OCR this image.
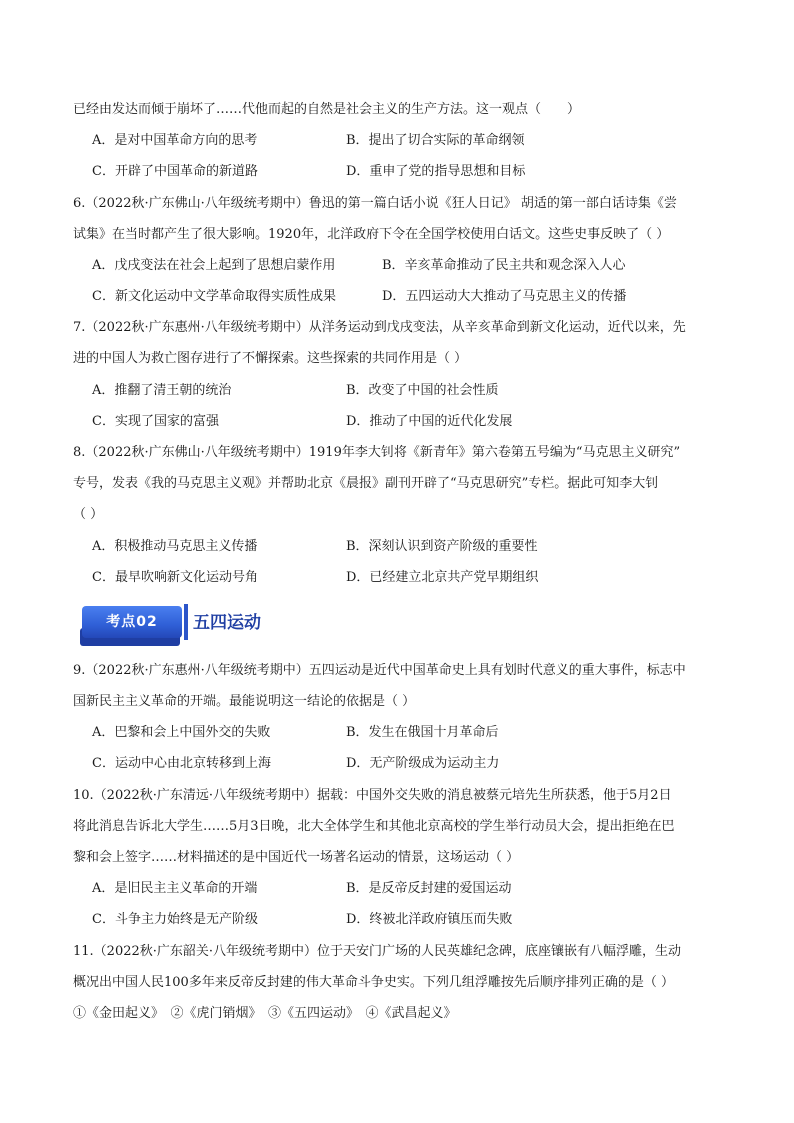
已经由发达而倾于崩坏了……代他而起的自然是社会主义的生产方法。这一观点（　　）
A．是对中国革命方向的思考	B．提出了切合实际的革命纲领
C．开辟了中国革命的新道路	D．重申了党的指导思想和目标
6.（2022秋·广东佛山·八年级统考期中）鲁迅的第一篇白话小说《狂人日记》 胡适的第一部白话诗集《尝
试集》在当时都产生了很大影响。1920年，北洋政府下令在全国学校使用白话文。这些史事反映了（ ）
A．戊戌变法在社会上起到了思想启蒙作用	B．辛亥革命推动了民主共和观念深入人心
C．新文化运动中文学革命取得实质性成果	D．五四运动大大推动了马克思主义的传播
7.（2022秋·广东惠州·八年级统考期中）从洋务运动到戊戌变法，从辛亥革命到新文化运动，近代以来，先
进的中国人为救亡图存进行了不懈探索。这些探索的共同作用是（ ）
A．推翻了清王朝的统治	B．改变了中国的社会性质
C．实现了国家的富强	D．推动了中国的近代化发展
8.（2022秋·广东佛山·八年级统考期中）1919年李大钊将《新青年》第六卷第五号编为“马克思主义研究”
专号，发表《我的马克思主义观》并帮助北京《晨报》副刊开辟了“马克思研究”专栏。据此可知李大钊
（ ）
A．积极推动马克思主义传播	B．深刻认识到资产阶级的重要性
C．最早吹响新文化运动号角	D．已经建立北京共产党早期组织
考点02	五四运动
9.（2022秋·广东惠州·八年级统考期中）五四运动是近代中国革命史上具有划时代意义的重大事件，标志中
国新民主主义革命的开端。最能说明这一结论的依据是（ ）
A．巴黎和会上中国外交的失败	B．发生在俄国十月革命后
C．运动中心由北京转移到上海	D．无产阶级成为运动主力
10.（2022秋·广东清远·八年级统考期中）据载：中国外交失败的消息被蔡元培先生所获悉，他于5月2日
将此消息告诉北大学生……5月3日晚，北大全体学生和其他北京高校的学生举行动员大会，提出拒绝在巴
黎和会上签字……材料描述的是中国近代一场著名运动的情景，这场运动（ ）
A．是旧民主主义革命的开端	B．是反帝反封建的爱国运动
C．斗争主力始终是无产阶级	D．终被北洋政府镇压而失败
11.（2022秋·广东韶关·八年级统考期中）位于天安门广场的人民英雄纪念碑，底座镶嵌有八幅浮雕，生动
概况出中国人民100多年来反帝反封建的伟大革命斗争史实。下列几组浮雕按先后顺序排列正确的是（ ）
①《金田起义》　②《虎门销烟》　③《五四运动》　④《武昌起义》
